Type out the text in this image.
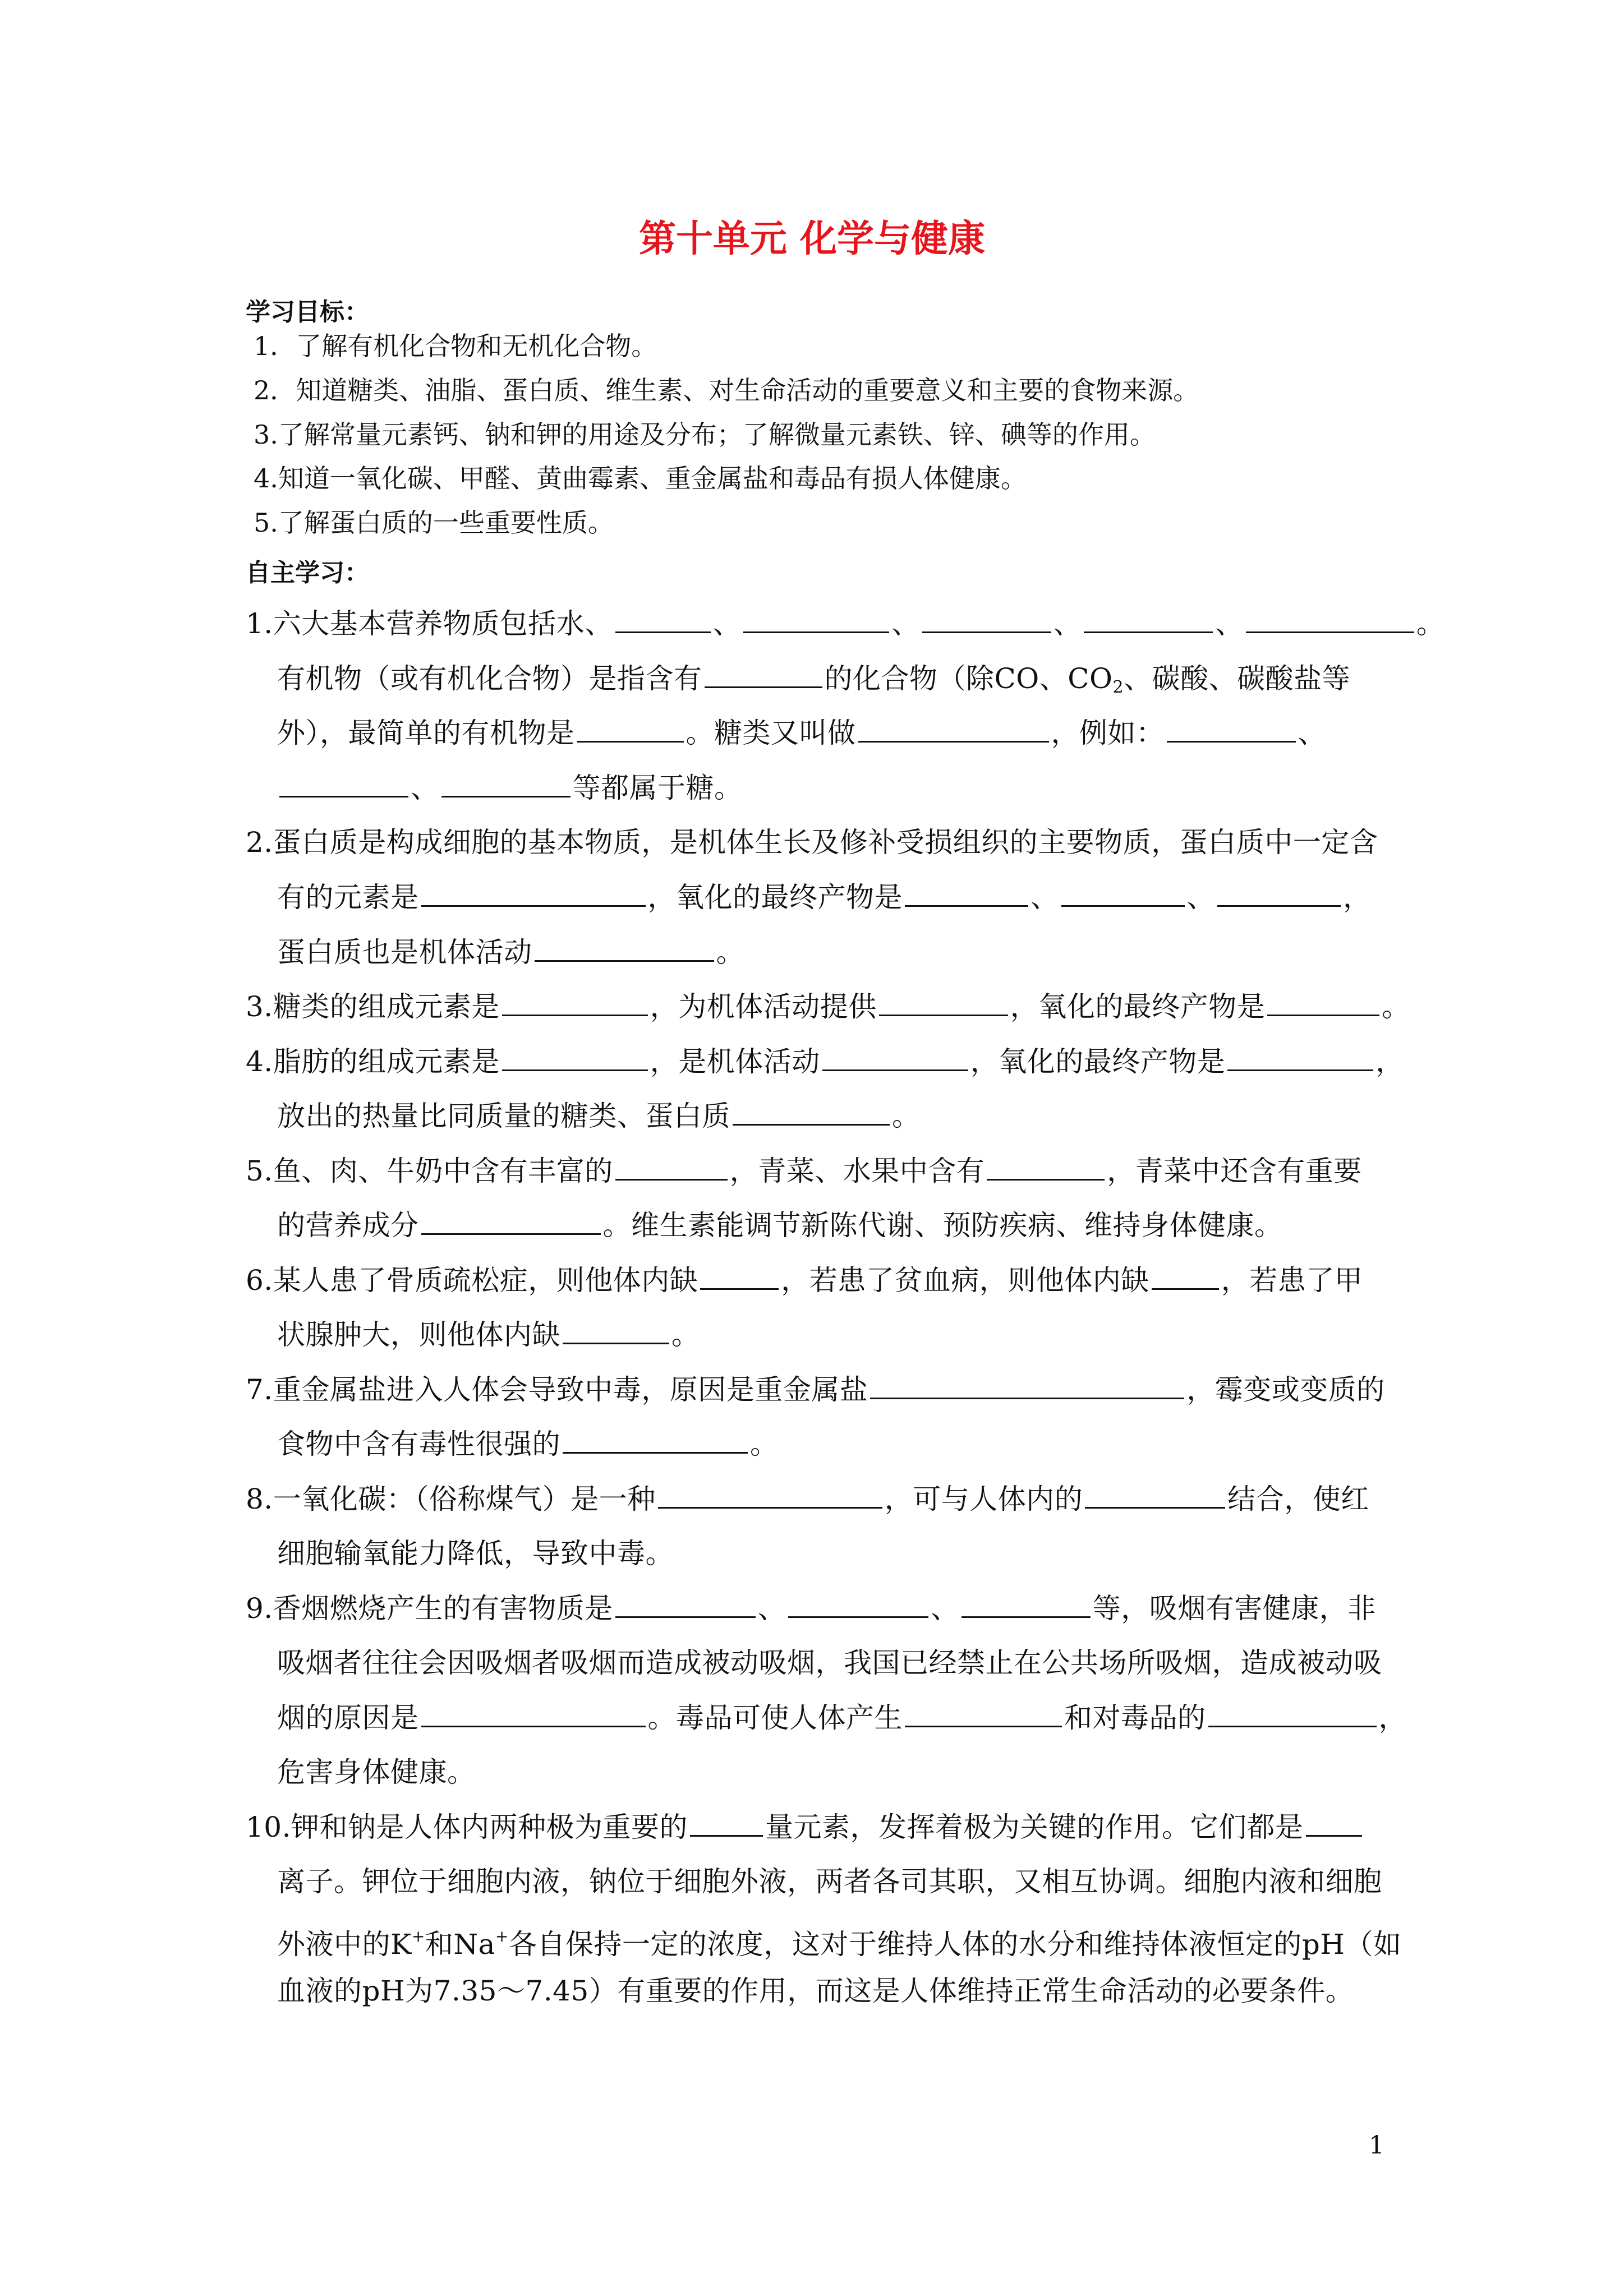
第十单元 化学与健康
学习目标：
1．了解有机化合物和无机化合物。
2．知道糖类、油脂、蛋白质、维生素、对生命活动的重要意义和主要的食物来源。
3.了解常量元素钙、钠和钾的用途及分布；了解微量元素铁、锌、碘等的作用。
4.知道一氧化碳、甲醛、黄曲霉素、重金属盐和毒品有损人体健康。
5.了解蛋白质的一些重要性质。
自主学习：
1.六大基本营养物质包括水、	、	、	、	、	。
有机物（或有机化合物）是指含有	的化合物（除CO、$CO_2$、碳酸、碳酸盐等
外），最简单的有机物是	。糖类又叫做	，例如：	、
、	等都属于糖。
2.蛋白质是构成细胞的基本物质，是机体生长及修补受损组织的主要物质，蛋白质中一定含
有的元素是	，氧化的最终产物是	、	、	，
蛋白质也是机体活动	。
3.糖类的组成元素是	，为机体活动提供	，氧化的最终产物是	。
4.脂肪的组成元素是	，是机体活动	，氧化的最终产物是	，
放出的热量比同质量的糖类、蛋白质	。
5.鱼、肉、牛奶中含有丰富的	，青菜、水果中含有	，青菜中还含有重要
的营养成分	。维生素能调节新陈代谢、预防疾病、维持身体健康。
6.某人患了骨质疏松症，则他体内缺	，若患了贫血病，则他体内缺	，若患了甲
状腺肿大，则他体内缺	。
7.重金属盐进入人体会导致中毒，原因是重金属盐	，霉变或变质的
食物中含有毒性很强的	。
8.一氧化碳：（俗称煤气）是一种	，可与人体内的	结合，使红
细胞输氧能力降低，导致中毒。
9.香烟燃烧产生的有害物质是	、	、	等，吸烟有害健康，非
吸烟者往往会因吸烟者吸烟而造成被动吸烟，我国已经禁止在公共场所吸烟，造成被动吸
烟的原因是	。毒品可使人体产生	和对毒品的	，
危害身体健康。
10.钾和钠是人体内两种极为重要的	量元素，发挥着极为关键的作用。它们都是
离子。钾位于细胞内液，钠位于细胞外液，两者各司其职，又相互协调。细胞内液和细胞
外液中的K+和Na+各自保持一定的浓度，这对于维持人体的水分和维持体液恒定的pH（如
血液的pH为7.35～7.45）有重要的作用，而这是人体维持正常生命活动的必要条件。
1
